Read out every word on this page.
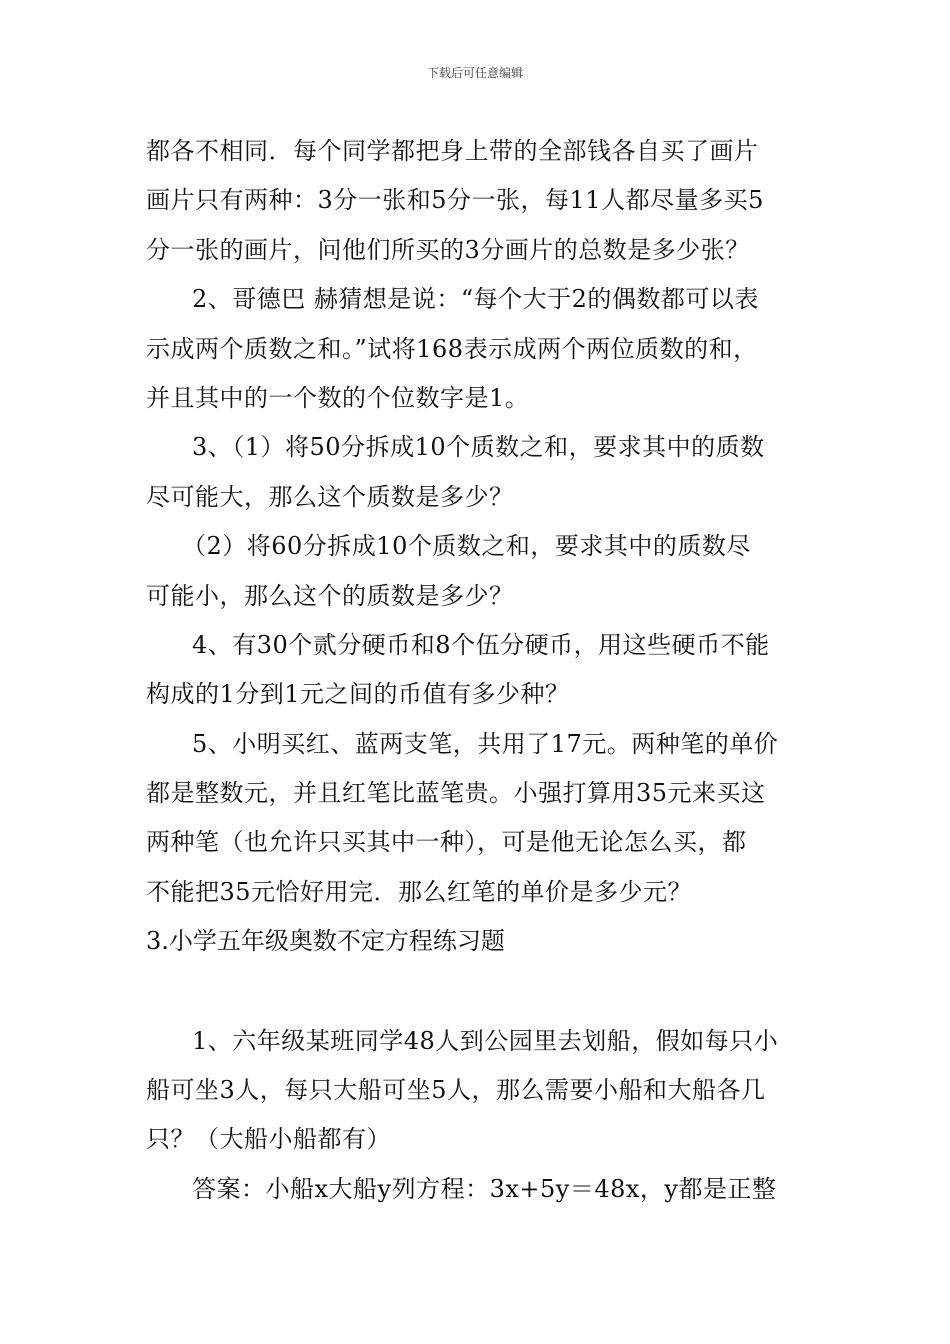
下载后可任意编辑
都各不相同．每个同学都把身上带的全部钱各自买了画片
画片只有两种：3分一张和5分一张，每11人都尽量多买5
分一张的画片，问他们所买的3分画片的总数是多少张？
2、哥德巴 赫猜想是说：“每个大于2的偶数都可以表
示成两个质数之和。”试将168表示成两个两位质数的和，
并且其中的一个数的个位数字是1。
3、（1）将50分拆成10个质数之和，要求其中的质数
尽可能大，那么这个质数是多少？
（2）将60分拆成10个质数之和，要求其中的质数尽
可能小，那么这个的质数是多少？
4、有30个贰分硬币和8个伍分硬币，用这些硬币不能
构成的1分到1元之间的币值有多少种？
5、小明买红、蓝两支笔，共用了17元。两种笔的单价
都是整数元，并且红笔比蓝笔贵。小强打算用35元来买这
两种笔（也允许只买其中一种），可是他无论怎么买，都
不能把35元恰好用完．那么红笔的单价是多少元？
3.小学五年级奥数不定方程练习题
1、六年级某班同学48人到公园里去划船，假如每只小
船可坐3人，每只大船可坐5人，那么需要小船和大船各几
只？（大船小船都有）
答案：小船x大船y列方程：3x+5y＝48x，y都是正整
